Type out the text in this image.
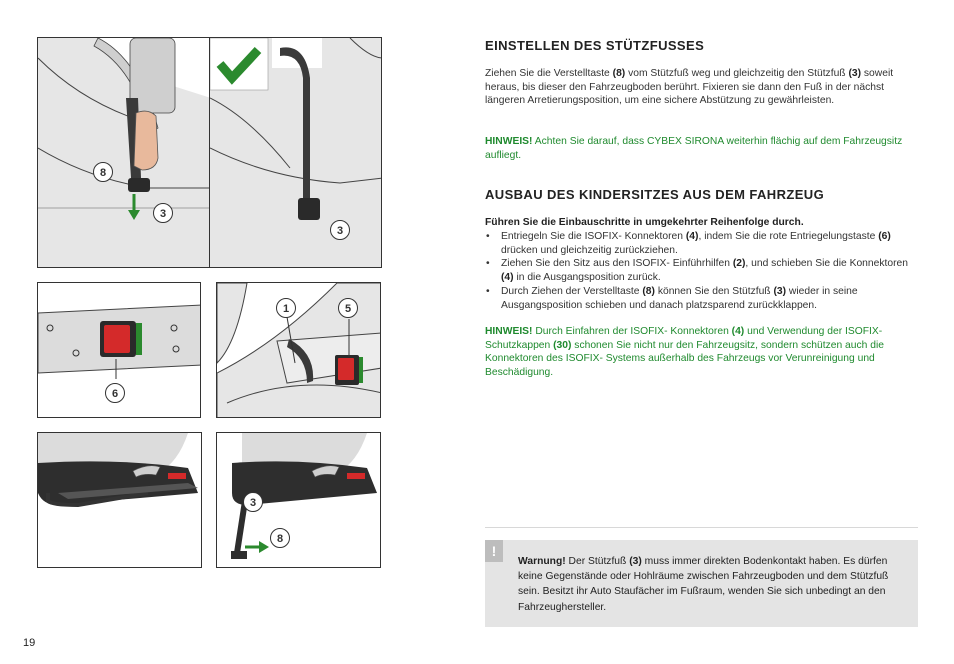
8
3
3
6
1	5
3
8
EINSTELLEN DES STÜTZFUSSES

Ziehen Sie die Verstelltaste (8) vom Stützfuß weg und gleichzeitig den Stützfuß (3) soweit heraus, bis dieser den Fahrzeugboden berührt. Fixieren sie dann den Fuß in der nächst längeren Arretierungsposition, um eine sichere Abstützung zu gewährleisten.

HINWEIS! Achten Sie darauf, dass CYBEX SIRONA weiterhin flächig auf dem Fahrzeugsitz aufliegt.

AUSBAU DES KINDERSITZES AUS DEM FAHRZEUG

Führen Sie die Einbauschritte in umgekehrter Reihenfolge durch.

• Entriegeln Sie die ISOFIX- Konnektoren (4), indem Sie die rote Entriegelungstaste (6) drücken und gleichzeitig zurückziehen.
• Ziehen Sie den Sitz aus den ISOFIX- Einführhilfen (2), und schieben Sie die Konnektoren (4) in die Ausgangsposition zurück.
• Durch Ziehen der Verstelltaste (8) können Sie den Stützfuß (3) wieder in seine Ausgangsposition schieben und danach platzsparend zurückklappen.

HINWEIS! Durch Einfahren der ISOFIX- Konnektoren (4) und Verwendung der ISOFIX- Schutzkappen (30) schonen Sie nicht nur den Fahrzeugsitz, sondern schützen auch die Konnektoren des ISOFIX- Systems außerhalb des Fahrzeugs vor Verunreinigung und Beschädigung.

!
Warnung! Der Stützfuß (3) muss immer direkten Bodenkontakt haben. Es dürfen keine Gegenstände oder Hohlräume zwischen Fahrzeugboden und dem Stützfuß sein. Besitzt ihr Auto Staufächer im Fußraum, wenden Sie sich unbedingt an den Fahrzeughersteller.
19
